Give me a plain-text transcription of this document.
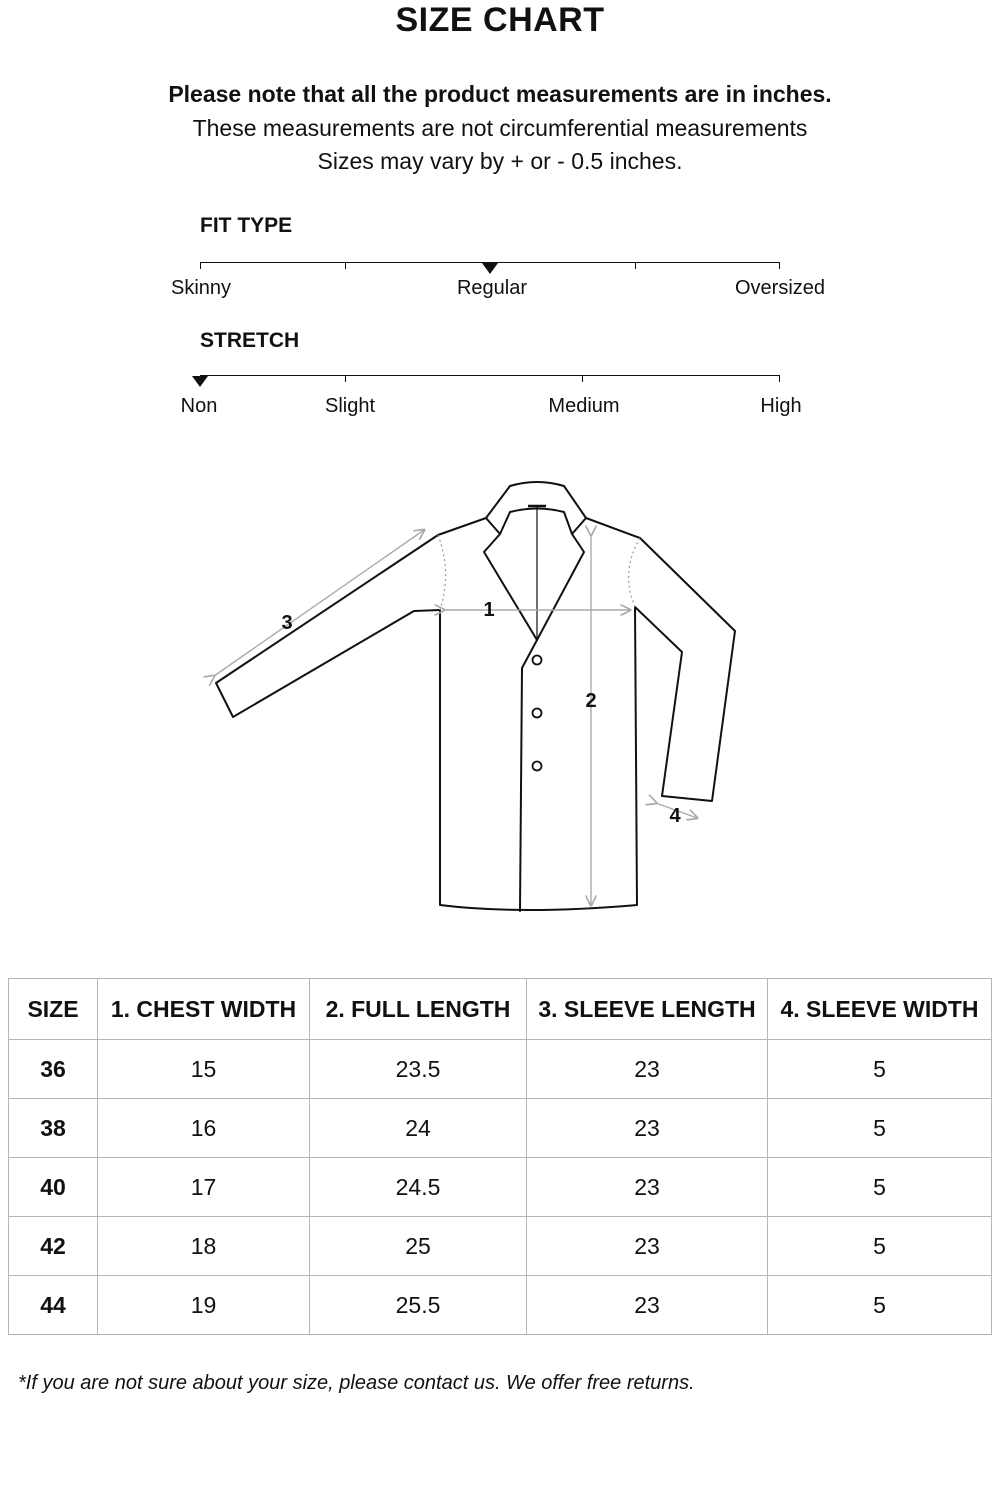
SIZE CHART
Please note that all the product measurements are in inches.
These measurements are not circumferential measurements
Sizes may vary by + or - 0.5 inches.
FIT TYPE
Skinny	Regular	Oversized
STRETCH
Non	Slight	Medium	High
1
2
3
4
SIZE	1. CHEST WIDTH	2. FULL LENGTH	3. SLEEVE LENGTH	4. SLEEVE WIDTH
36	15	23.5	23	5
38	16	24	23	5
40	17	24.5	23	5
42	18	25	23	5
44	19	25.5	23	5
*If you are not sure about your size, please contact us. We offer free returns.
